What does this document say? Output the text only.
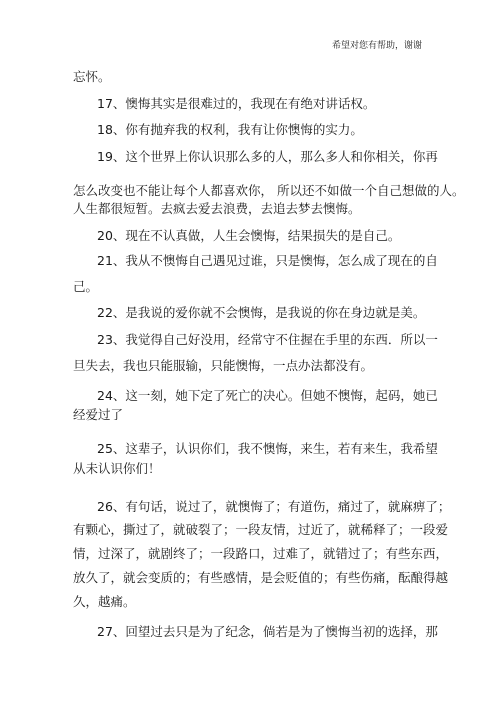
希望对您有帮助，谢谢
忘怀。
17、懊悔其实是很难过的，我现在有绝对讲话权。
18、你有抛弃我的权利，我有让你懊悔的实力。
19、这个世界上你认识那么多的人，那么多人和你相关，你再
怎么改变也不能让每个人都喜欢你， 所以还不如做一个自己想做的人。
人生都很短暂。去疯去爱去浪费，去追去梦去懊悔。
20、现在不认真做，人生会懊悔，结果损失的是自己。
21、我从不懊悔自己遇见过谁，只是懊悔，怎么成了现在的自
己。
22、是我说的爱你就不会懊悔，是我说的你在身边就是美。
23、我觉得自己好没用，经常守不住握在手里的东西．所以一
旦失去，我也只能服输，只能懊悔，一点办法都没有。
24、这一刻，她下定了死亡的决心。但她不懊悔，起码，她已
经爱过了
25、这辈子，认识你们，我不懊悔，来生，若有来生，我希望
从未认识你们！
26、有句话，说过了，就懊悔了；有道伤，痛过了，就麻痹了；
有颗心，撕过了，就破裂了；一段友情，过近了，就稀释了；一段爱
情，过深了，就剧终了；一段路口，过难了，就错过了；有些东西，
放久了，就会变质的；有些感情，是会贬值的；有些伤痛，酝酿得越
久，越痛。
27、回望过去只是为了纪念，倘若是为了懊悔当初的选择，那
